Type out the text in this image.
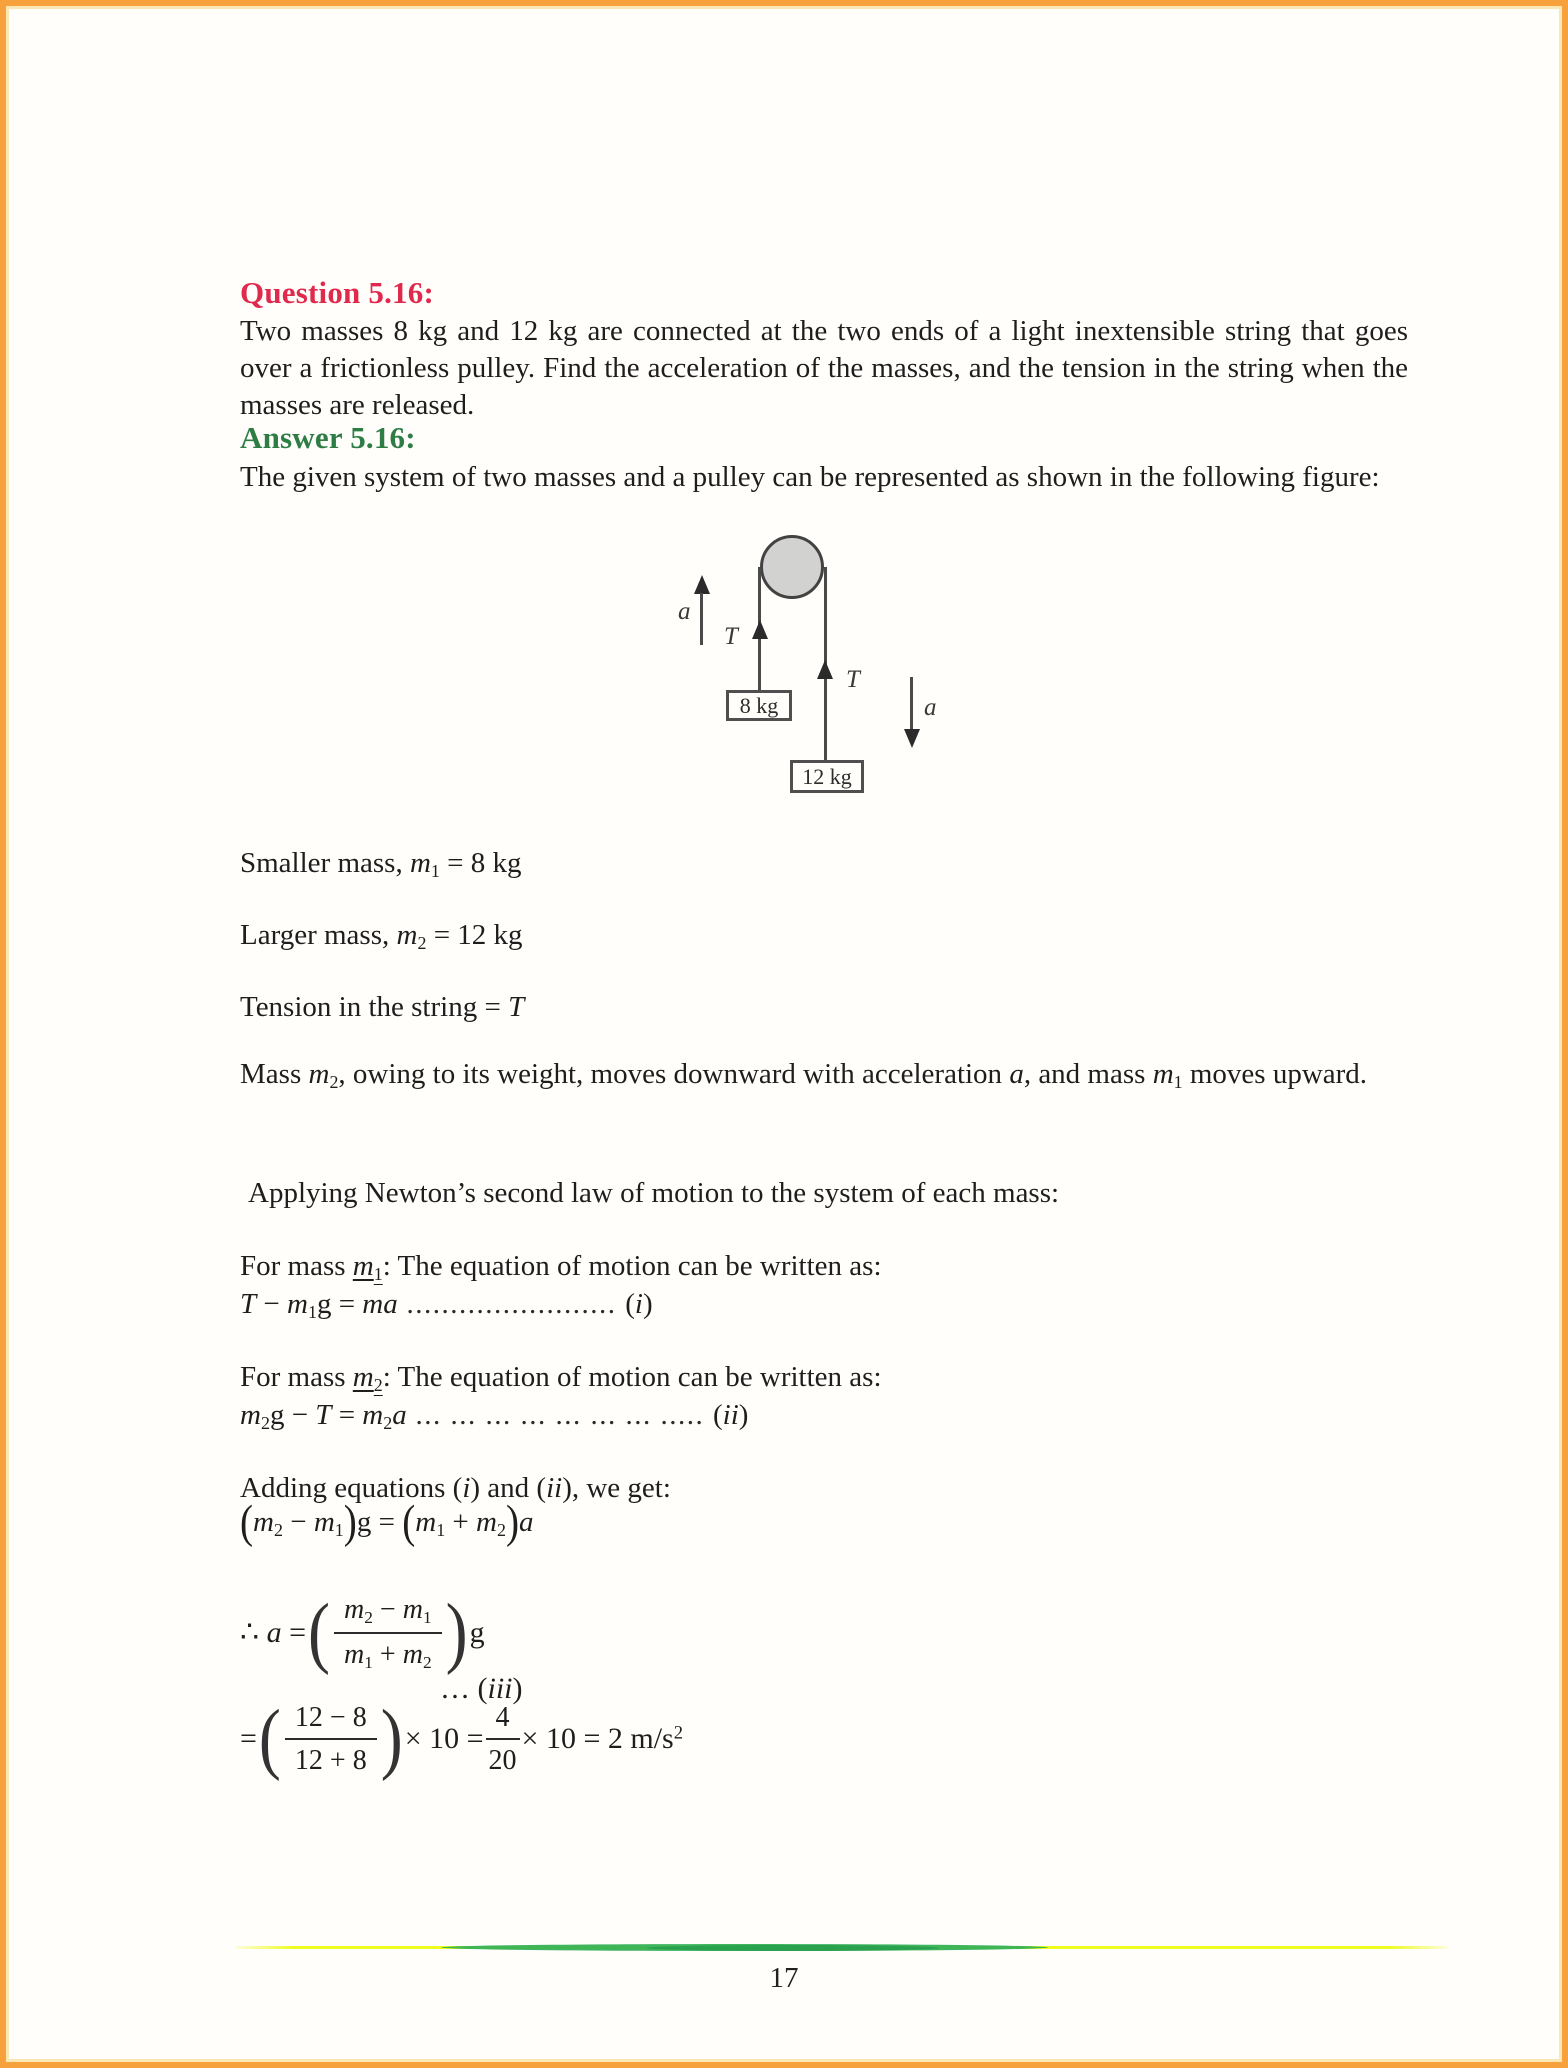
Question 5.16:
Two masses 8 kg and 12 kg are connected at the two ends of a light inextensible string that goes over a frictionless pulley. Find the acceleration of the masses, and the tension in the string when the masses are released.
Answer 5.16:
The given system of two masses and a pulley can be represented as shown in the following figure:
a
T
8 kg
T
12 kg
a
Smaller mass, m1 = 8 kg
Larger mass, m2 = 12 kg
Tension in the string = T
Mass m2, owing to its weight, moves downward with acceleration a, and mass m1 moves upward.
Applying Newton’s second law of motion to the system of each mass:
For mass m1: The equation of motion can be written as:
T − m1g = ma ........................ (i)
For mass m2: The equation of motion can be written as:
m2g − T = m2a ... ... ... ... ... ... ... ..... (ii)
Adding equations (i) and (ii), we get:
(m2 − m1)g = (m1 + m2)a
∴ a = ( $\frac{m2 - m1}{m1 + m2}$ ) g
… (iii)
= ( $\frac{12 - 8}{12 + 8}$ ) × $10 = \frac{4}{20} \times 10 = 2$ $m/s^2$
17
